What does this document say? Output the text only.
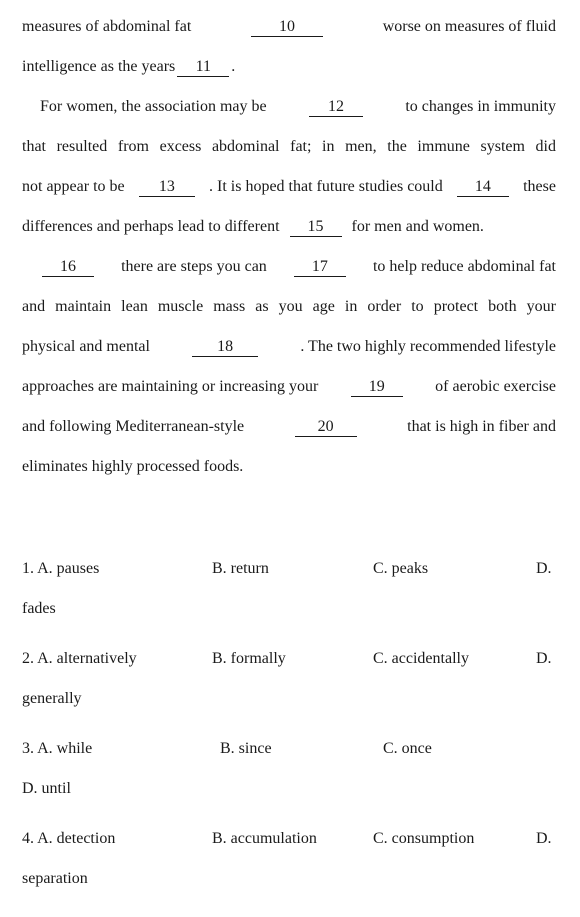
measures of abdominal fat	10	worse on measures of fluid
intelligence as the years 11 .
For women, the association may be	12	to changes in immunity
that resulted from excess abdominal fat; in men, the immune system did
not appear to be	13	. It is hoped that future studies could	14	these
differences and perhaps lead to different 15 for men and women.
16	there are steps you can	17	to help reduce abdominal fat
and maintain lean muscle mass as you age in order to protect both your
physical and mental	18	. The two highly recommended lifestyle
approaches are maintaining or increasing your	19	of aerobic exercise
and following Mediterranean-style	20	that is high in fiber and
eliminates highly processed foods.
1. A. pauses	B. return	C. peaks	D.
fades
2. A. alternatively	B. formally	C. accidentally	D.
generally
3. A. while	B. since	C. once
D. until
4. A. detection	B. accumulation	C. consumption	D.
separation
